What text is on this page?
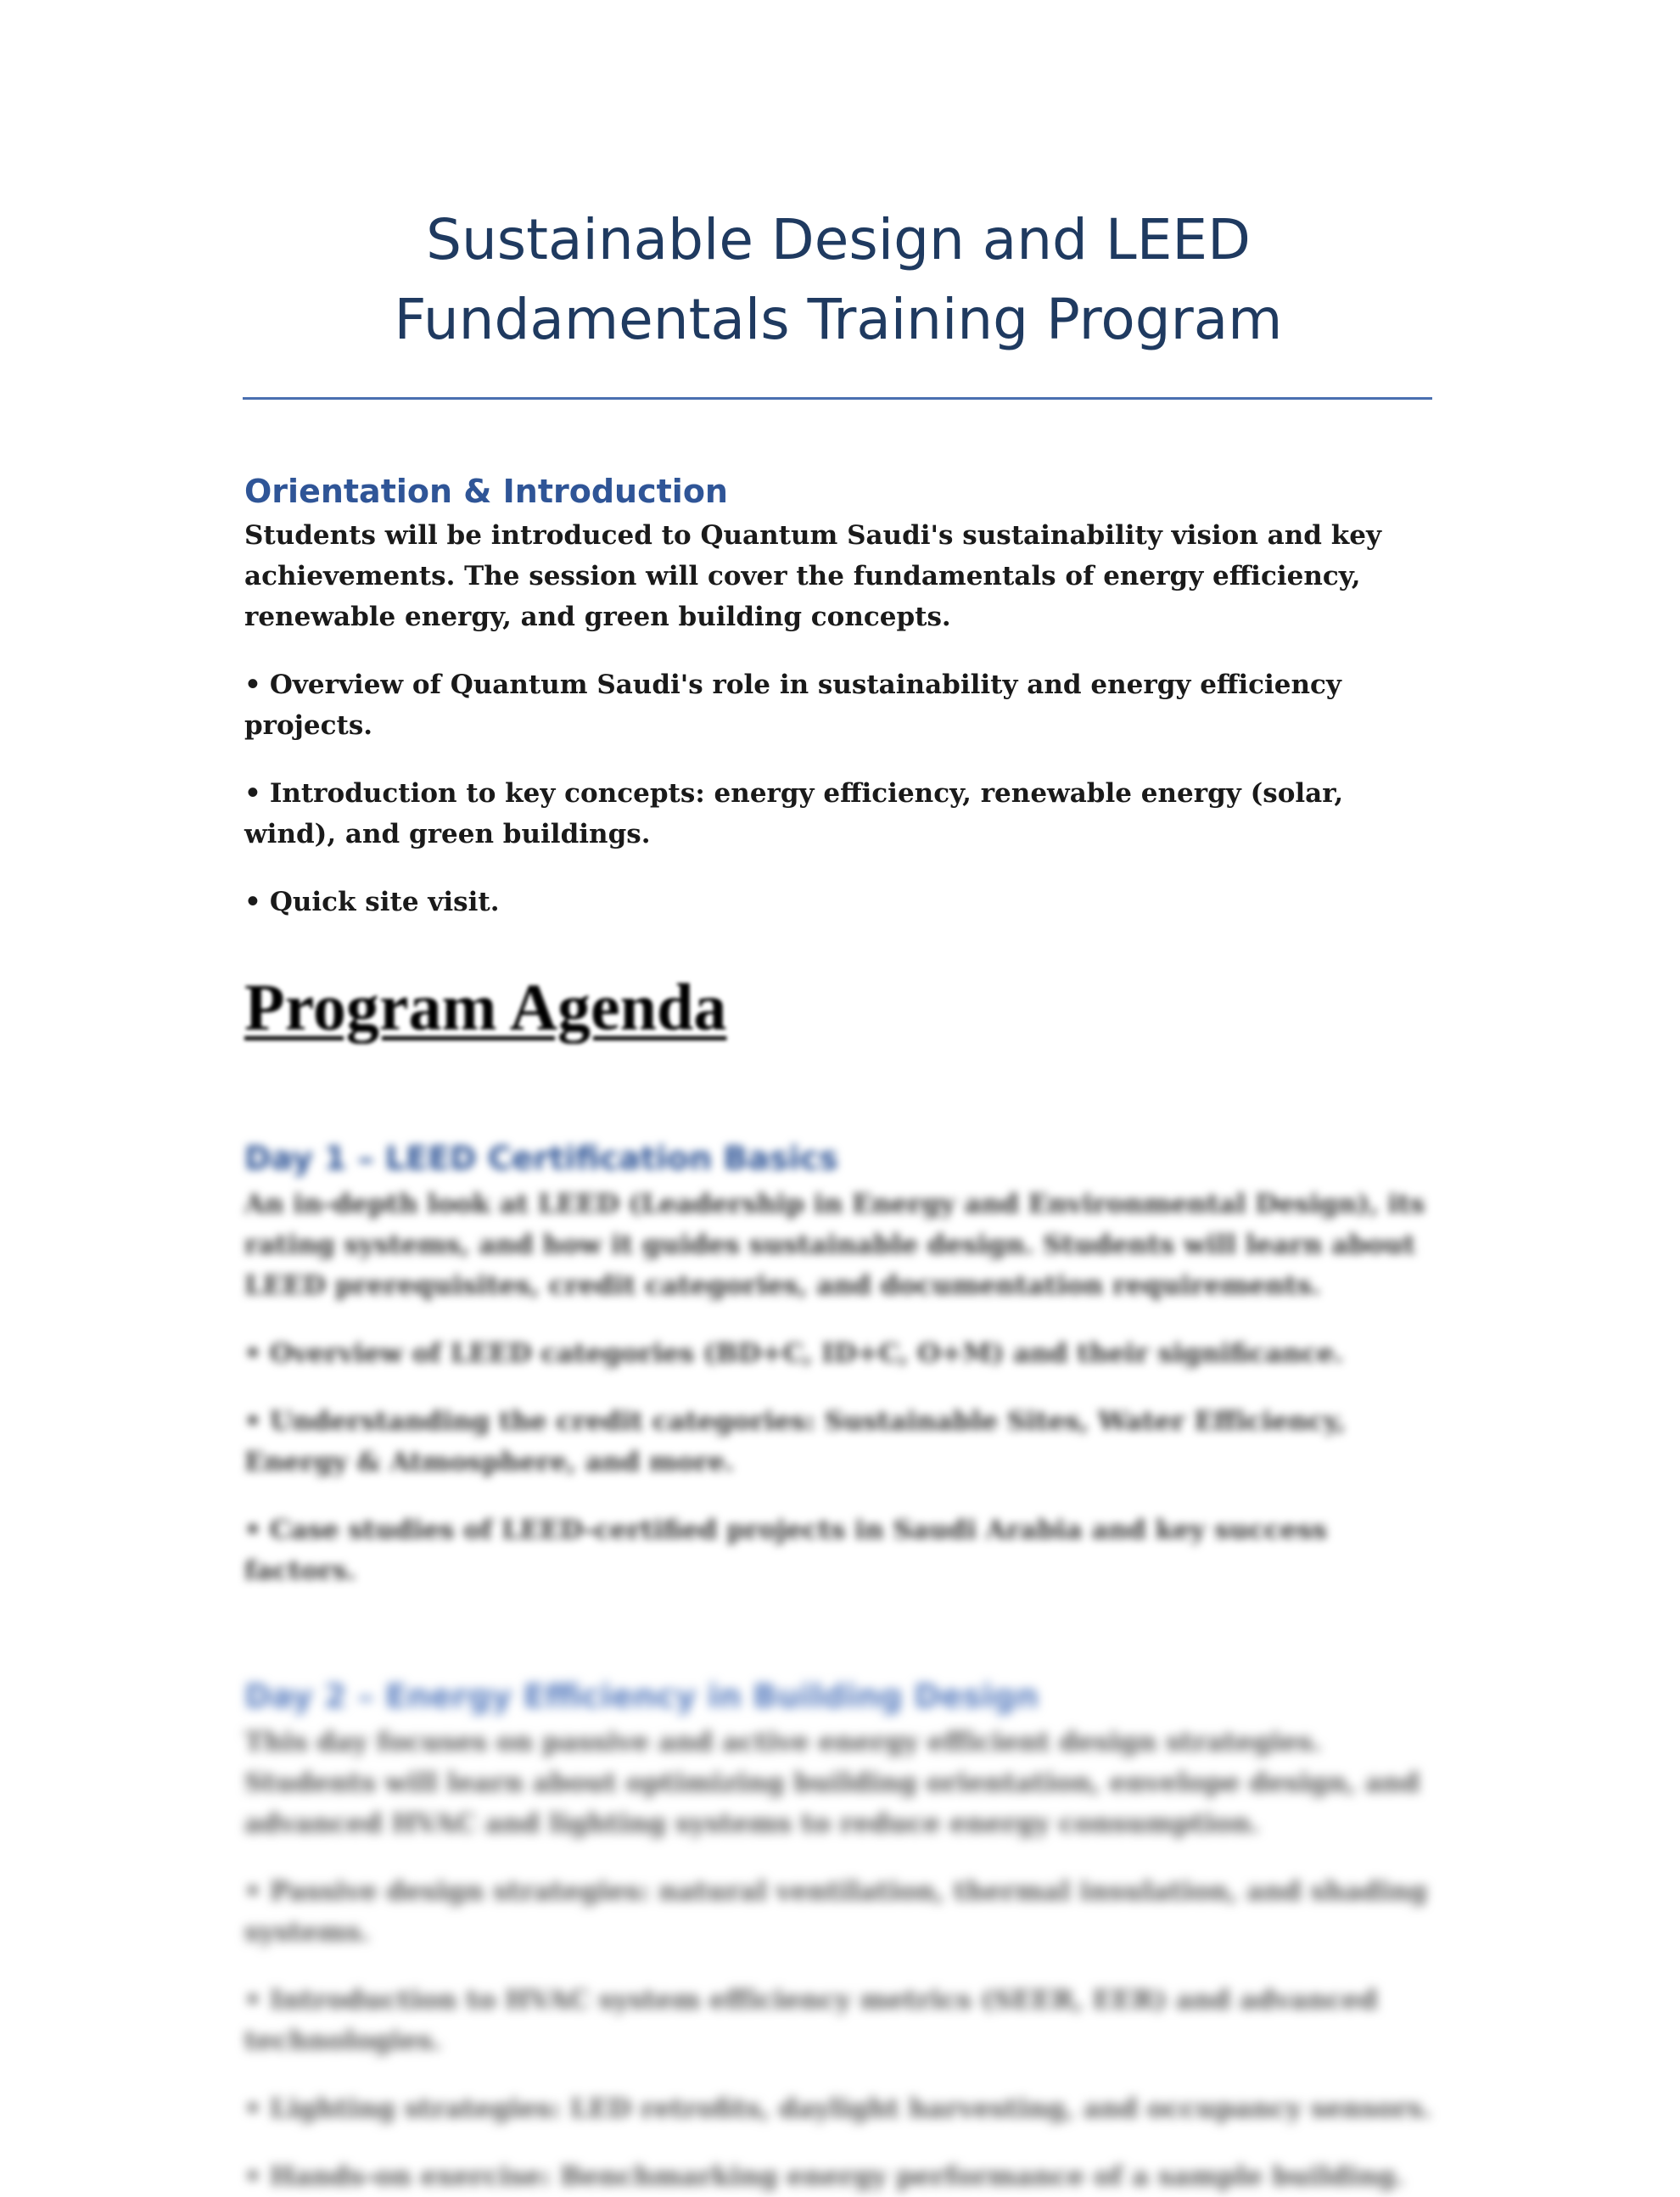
Sustainable Design and LEED Fundamentals Training Program
Orientation & Introduction

Students will be introduced to Quantum Saudi's sustainability vision and key achievements. The session will cover the fundamentals of energy efficiency, renewable energy, and green building concepts.

• Overview of Quantum Saudi's role in sustainability and energy efficiency projects.

• Introduction to key concepts: energy efficiency, renewable energy (solar, wind), and green buildings.

• Quick site visit.

Program Agenda
Day 1 – LEED Certification Basics

An in-depth look at LEED (Leadership in Energy and Environmental Design), its rating systems, and how it guides sustainable design. Students will learn about LEED prerequisites, credit categories, and documentation requirements.

• Overview of LEED categories (BD+C, ID+C, O+M) and their significance.

• Understanding the credit categories: Sustainable Sites, Water Efficiency, Energy & Atmosphere, and more.

• Case studies of LEED-certified projects in Saudi Arabia and key success factors.

Day 2 – Energy Efficiency in Building Design

This day focuses on passive and active energy efficient design strategies. Students will learn about optimizing building orientation, envelope design, and advanced HVAC and lighting systems to reduce energy consumption.

• Passive design strategies: natural ventilation, thermal insulation, and shading systems.

• Introduction to HVAC system efficiency metrics (SEER, EER) and advanced technologies.

• Lighting strategies: LED retrofits, daylight harvesting, and occupancy sensors.

• Hands-on exercise: Benchmarking energy performance of a sample building.
